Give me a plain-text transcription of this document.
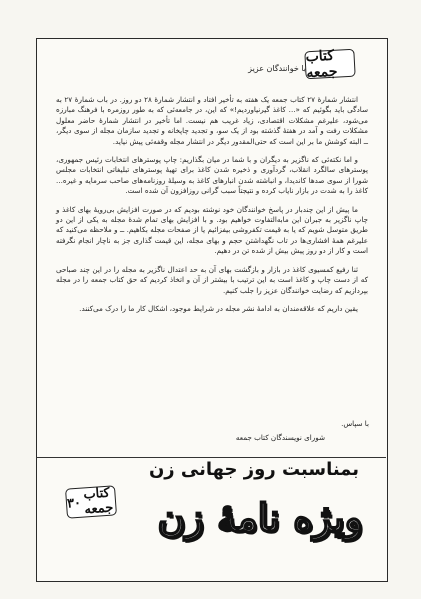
کتاب جمعه
با خوانندگان عزیز

انتشار شمارهٔ ۲۷ کتاب جمعه یک هفته به تأخیر افتاد و انتشار شمارهٔ ۲۸ دو روز. در باب شمارهٔ ۲۷ به سادگی باید بگوئیم که «... کاغذ گیرنیاوردیم!» که این، در جامعه‌ئی که به طور روزمره با فرهنگ مبارزه می‌شود، علیرغم مشکلات اقتصادی، زیاد غریب هم نیست. اما تأخیر در انتشار شمارهٔ حاضر معلول مشکلات رفت و آمد در هفتهٔ گذشته بود از یک سو، و تجدید چاپخانه و تجدید سازمان مجله از سوی دیگر، ــ البته کوشش ما بر این است که حتی‌المقدور دیگر در انتشار مجله وقفه‌ئی پیش نیاید.

و اما نکته‌ئی که ناگزیر به دیگران و با شما در میان بگذاریم: چاپ پوسترهای انتخابات رئیس جمهوری، پوسترهای سالگرد انقلاب، گردآوری و ذخیره شدن کاغذ برای تهیهٔ پوسترهای تبلیغاتی انتخابات مجلس شورا از سوی صدها کاندیدا، و انباشته شدن انبارهای کاغذ به وسیلهٔ روزنامه‌های صاحب سرمایه و غیره... کاغذ را به شدت در بازار نایاب کرده و نتیجتاً سبب گرانی روزافزون آن شده است.

ما پیش از این چندبار در پاسخ خوانندگان خود نوشته بودیم که در صورت افزایش بی‌رویهٔ بهای کاغذ و چاپ ناگزیر به جبران این مابه‌التفاوت خواهیم بود. و با افزایش بهای تمام شدهٔ مجله به یکی از این دو طریق متوسل شویم که یا به قیمت تکفروشی بیفزائیم یا از صفحات مجله بکاهیم. ــ و ملاحظه می‌کنید که علیرغم همهٔ افشاری‌ها در تاب نگهداشتن حجم و بهای مجله، این قیمت گذاری جز به ناچار انجام نگرفته است و کار از دو روز پیش بیش از شده تن در دهیم.

ثنا رفیع کمسیوی کاغذ در بازار و بازگشت بهای آن به حد اعتدال ناگزیر به مجله را در این چند صباحی که از دست چاپ و کاغذ است به این ترتیب با بیشتر از آن و اتخاذ کردیم که حق کتاب جمعه را در مجله بپردازیم که رضایت خوانندگان عزیز را جلب کنیم.

یقین داریم که علاقه‌مندان به ادامهٔ نشر مجله در شرایط موجود، اشکال کار ما را درک می‌کنند.

با سپاس.
شورای نویسندگان کتاب جمعه
بمناسبت روز جهانی زن
ویژه نامهٔ زن
۳۰
کتاب جمعه
